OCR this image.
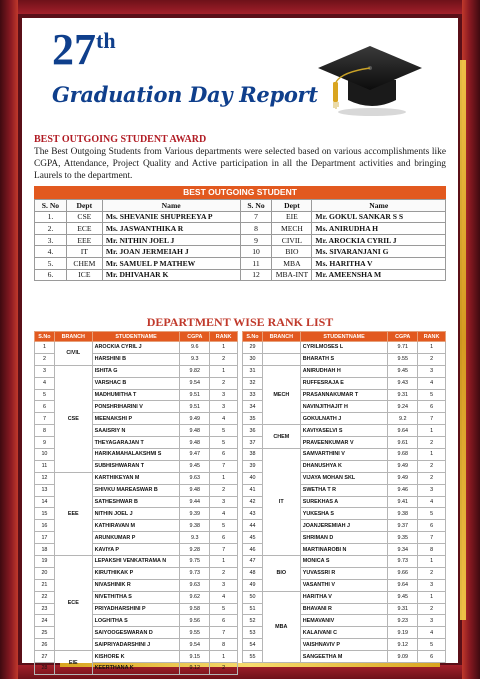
27th
Graduation Day Report
BEST OUTGOING STUDENT AWARD
The Best Outgoing Students from Various departments were selected based on various accomplishments like CGPA, Attendance, Project Quality and Active participation in all the Department activities and bringing Laurels to the department.
BEST OUTGOING STUDENT
S. No	Dept	Name	S. No	Dept	Name
1.	CSE	Ms. SHEVANIE SHUPREEYA P	7	EIE	Mr. GOKUL SANKAR S S
2.	ECE	Ms. JASWANTHIKA R	8	MECH	Ms. ANIRUDHA H
3.	EEE	Mr. NITHIN JOEL J	9	CIVIL	Mr. AROCKIA CYRIL J
4.	IT	Mr. JOAN JERMEIAH J	10	BIO	Ms. SIVARANJANI G
5.	CHEM	Mr. SAMUEL P MATHEW	11	MBA	Ms. HARITHA V
6.	ICE	Mr. DHIVAHAR K	12	MBA-INT	Mr. AMEENSHA M
DEPARTMENT WISE RANK LIST
S.No	BRANCH	STUDENTNAME	CGPA	RANK
1	CIVIL	AROCKIA CYRIL J	9.6	1
2		HARSHINI B	9.3	2
3	CSE	ISHITA G	9.82	1
4		VARSHAC B	9.54	2
5		MADHUMITHA T	9.51	3
6		PONSHRIHARINI V	9.51	3
7		MEENAKSHI P	9.49	4
8		SAAISRIY N	9.48	5
9		THEYAGARAJAN T	9.48	5
10		HARIKAMAHALAKSHMI S	9.47	6
11		SUBHISHWARAN T	9.45	7
12	EEE	KARTHIKEYAN M	9.63	1
13		SHIVKU MAREASWAR B	9.48	2
14		SATHESHWAR B	9.44	3
15		NITHIN JOEL J	9.39	4
16		KATHIRAVAN M	9.38	5
17		ARUNKUMAR P	9.3	6
18		KAVIYA P	9.28	7
19	ECE	LEPAKSHI VENKATRAMA N	9.75	1
20		KIRUTHIKAK P	9.73	2
21		NIVASHINIK R	9.63	3
22		NIVETHITHA S	9.62	4
23		PRIYADHARSHINI P	9.58	5
24		LOGHITHA S	9.56	6
25		SAIYOOGESWARAN D	9.55	7
26		SAIPRIYADARSHINI J	9.54	8
27	EIE	KISHORE K	9.15	1
28		KEERTHANA K	9.12	2
S.No	BRANCH	STUDENTNAME	CGPA	RANK
29		CYRILMOSES L	9.71	1
30		BHARATH S	9.55	2
31	MECH	ANIRUDHAH H	9.45	3
32		RUFFESRAJA E	9.43	4
33		PRASANNAKUMAR T	9.31	5
34		NAVINJITHAJIT H	9.24	6
35		GOKULNATH J	9.2	7
36	CHEM	KAVIYASELVI S	9.64	1
37		PRAVEENKUMAR V	9.61	2
38	IT	SAMVARTHINI V	9.68	1
39		DHANUSHYA K	9.49	2
40		VIJAYA MOHAN SKL	9.49	2
41		SWETHA T R	9.46	3
42		SUREKHAS A	9.41	4
43		YUKESHA S	9.38	5
44		JOANJEREMIAH J	9.37	6
45		SHRIMAN D	9.35	7
46		MARTINAROBI N	9.34	8
47	BIO	MONICA S	9.73	1
48		YUVASSRI R	9.66	2
49		VASANTHI V	9.64	3
50	MBA	HARITHA V	9.45	1
51		BHAVANI R	9.31	2
52		HEMAVANIV	9.23	3
53		KALAIVANI C	9.19	4
54		VAISHNAVIV P	9.12	5
55		SANGEETHA M	9.09	6
